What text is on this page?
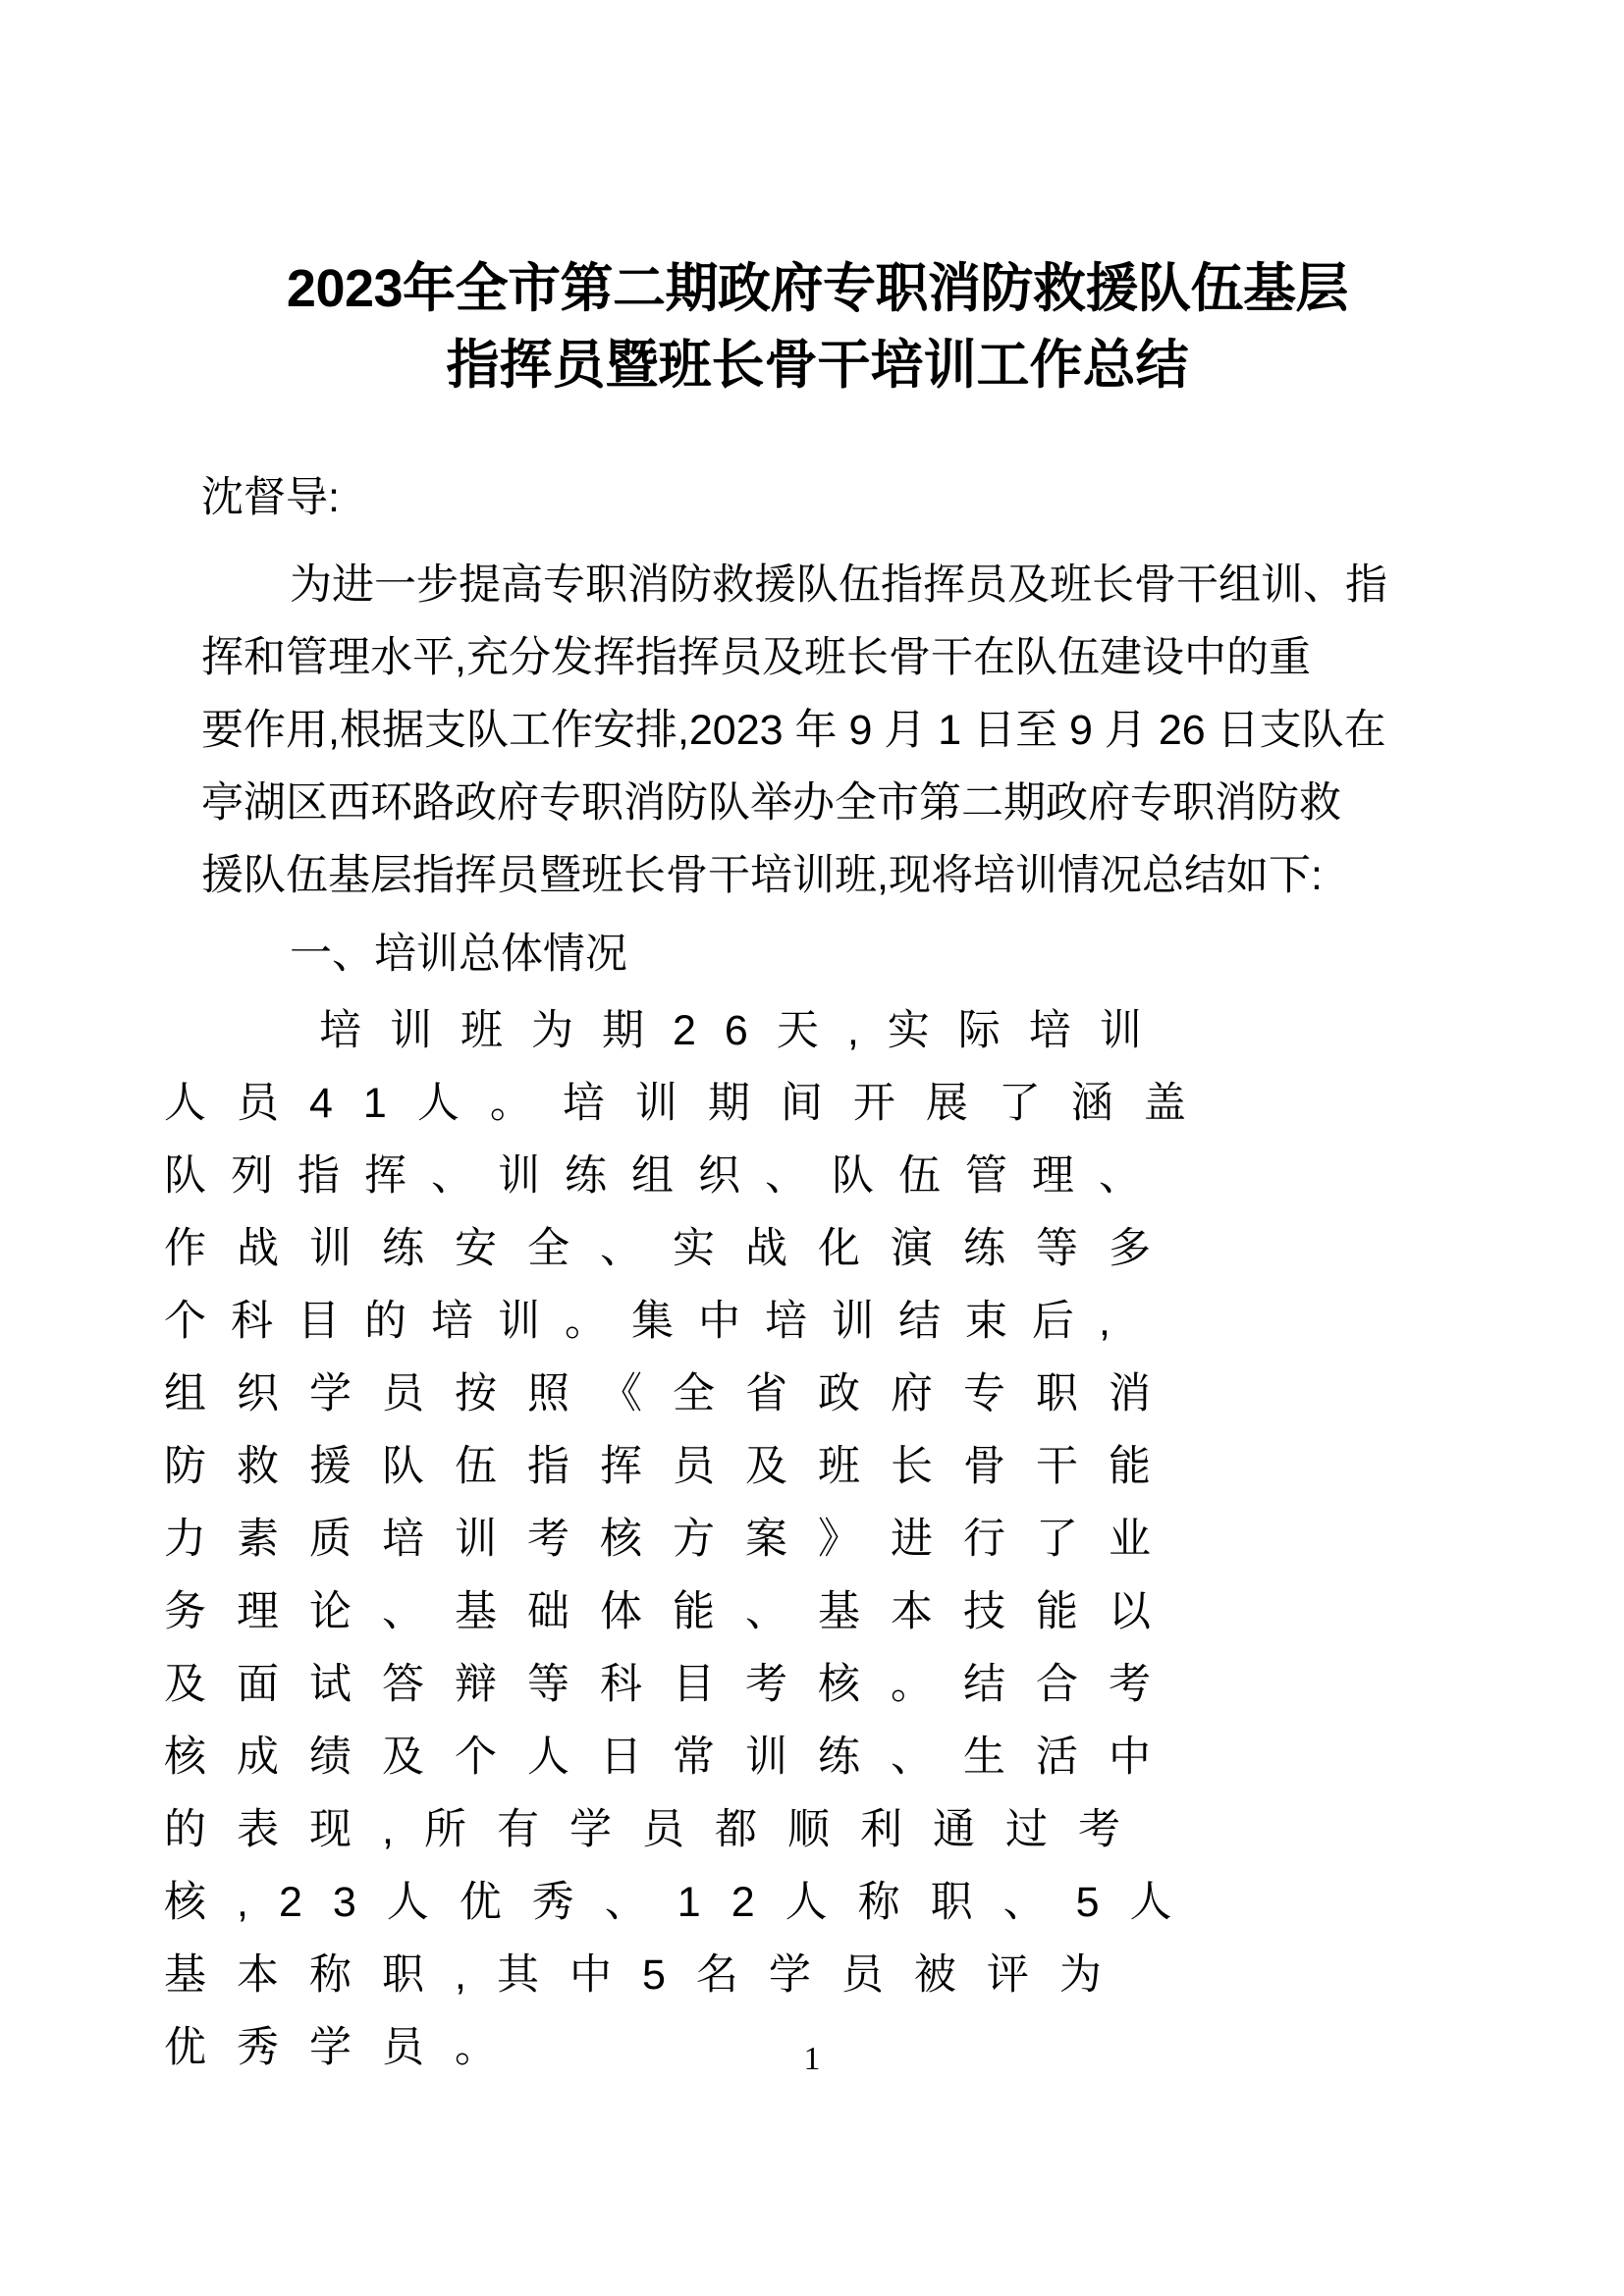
2023年全市第二期政府专职消防救援队伍基层
指挥员暨班长骨干培训工作总结

沈督导:

为进一步提高专职消防救援队伍指挥员及班长骨干组训、指
挥和管理水平,充分发挥指挥员及班长骨干在队伍建设中的重
要作用,根据支队工作安排,2023 年 9 月 1 日至 9 月 26 日支队在
亭湖区西环路政府专职消防队举办全市第二期政府专职消防救
援队伍基层指挥员暨班长骨干培训班,现将培训情况总结如下:

一、培训总体情况

培训班为期26天,实际培训
人员41人。培训期间开展了涵盖
队列指挥、训练组织、队伍管理、
作战训练安全、实战化演练等多
个科目的培训。集中培训结束后,
组织学员按照《全省政府专职消
防救援队伍指挥员及班长骨干能
力素质培训考核方案》进行了业
务理论、基础体能、基本技能以
及面试答辩等科目考核。结合考
核成绩及个人日常训练、生活中
的表现,所有学员都顺利通过考
核,23人优秀、12人称职、5人
基本称职,其中5名学员被评为
优秀学员。	1
